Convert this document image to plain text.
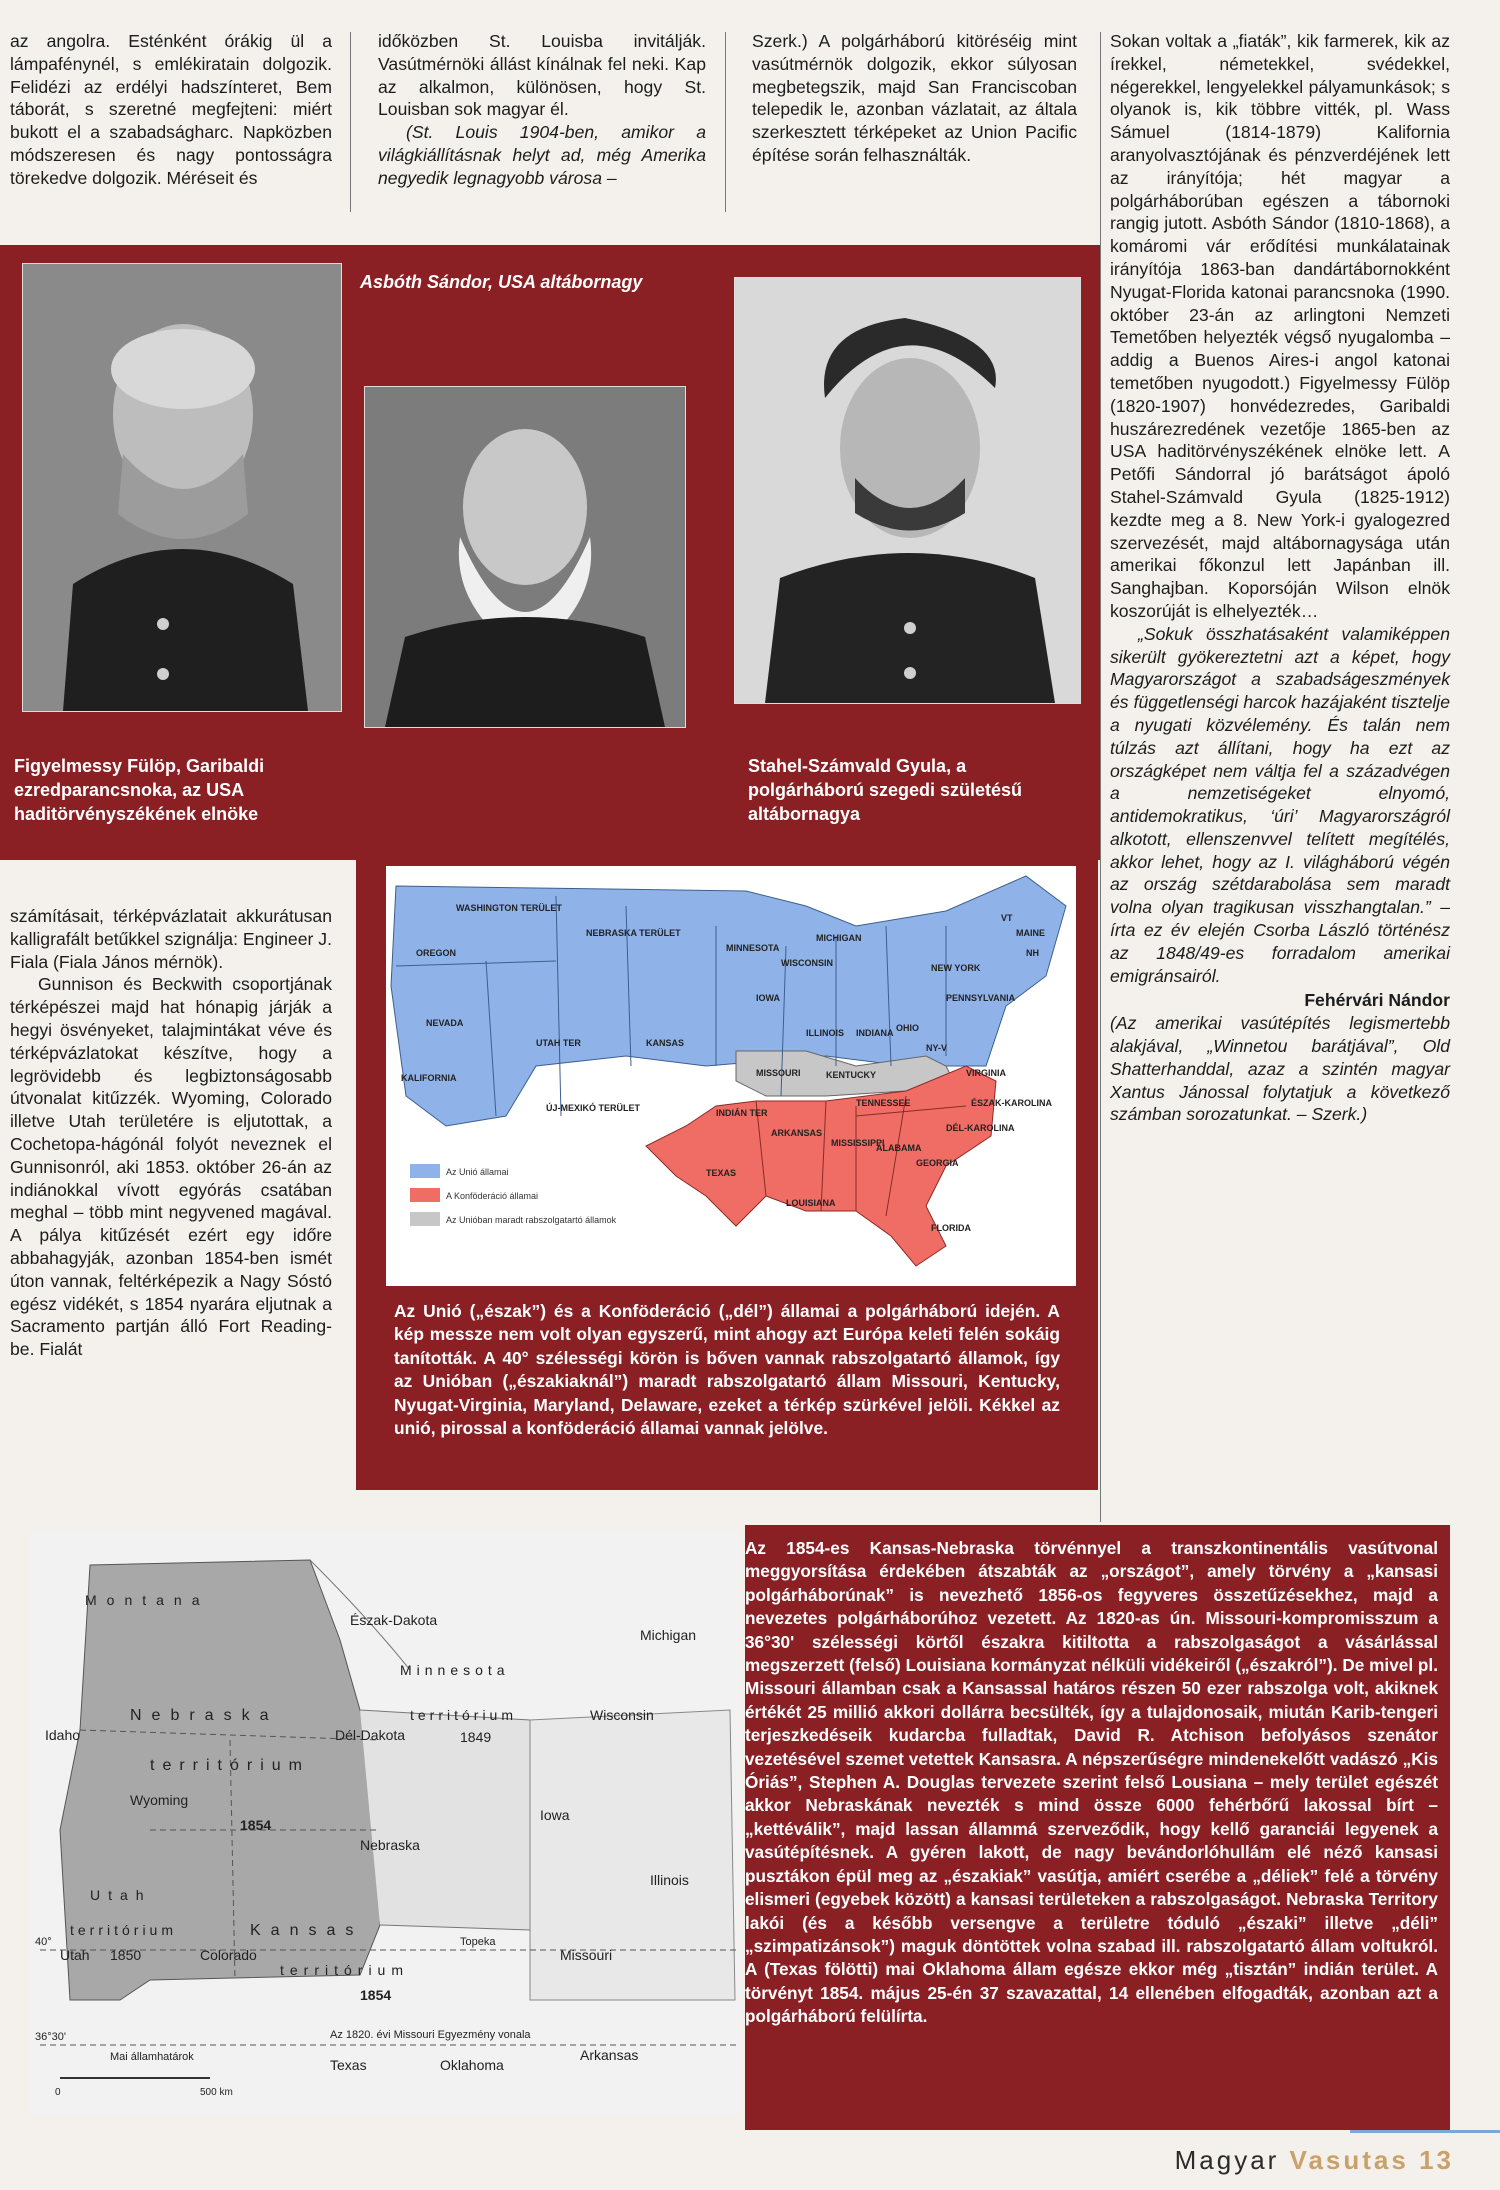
az angolra. Esténként órákig ül a lámpafénynél, s emlékiratain dolgozik. Felidézi az erdélyi hadszínteret, Bem táborát, s szeretné megfejteni: miért bukott el a szabadságharc. Napközben módszeresen és nagy pontosságra törekedve dolgozik. Méréseit és

időközben St. Louisba invitálják. Vasútmérnöki állást kínálnak fel neki. Kap az alkalmon, különösen, hogy St. Louisban sok magyar él.

(St. Louis 1904-ben, amikor a világkiállításnak helyt ad, még Amerika negyedik legnagyobb városa –

Szerk.) A polgárháború kitöréséig mint vasútmérnök dolgozik, ekkor súlyosan megbetegszik, majd San Franciscoban telepedik le, azonban vázlatait, az általa szerkesztett térképeket az Union Pacific építése során felhasználták.

Sokan voltak a „fiaták”, kik farmerek, kik az írekkel, németekkel, svédekkel, négerekkel, lengyelekkel pályamunkások; s olyanok is, kik többre vitték, pl. Wass Sámuel (1814-1879) Kalifornia aranyolvasztójának és pénzverdéjének lett az irányítója; hét magyar a polgárháborúban egészen a tábornoki rangig jutott. Asbóth Sándor (1810-1868), a komáromi vár erődítési munkálatainak irányítója 1863-ban dandártábornokként Nyugat-Florida katonai parancsnoka (1990. október 23-án az arlingtoni Nemzeti Temetőben helyezték végső nyugalomba – addig a Buenos Aires-i angol katonai temetőben nyugodott.) Figyelmessy Fülöp (1820-1907) honvédezredes, Garibaldi huszárezredének vezetője 1865-ben az USA haditörvényszékének elnöke lett. A Petőfi Sándorral jó barátságot ápoló Stahel-Számvald Gyula (1825-1912) kezdte meg a 8. New York-i gyalogezred szervezését, majd altábornagysága után amerikai főkonzul lett Japánban ill. Sanghajban. Koporsóján Wilson elnök koszorúját is elhelyezték…

„Sokuk összhatásaként valamiképpen sikerült gyökereztetni azt a képet, hogy Magyarországot a szabadságeszmények és függetlenségi harcok hazájaként tisztelje a nyugati közvélemény. És talán nem túlzás azt állítani, hogy ha ezt az országképet nem váltja fel a századvégen a nemzetiségeket elnyomó, antidemokratikus, ‘úri’ Magyarországról alkotott, ellenszenvvel telített megítélés, akkor lehet, hogy az I. világháború végén az ország szétdarabolása sem maradt volna olyan tragikusan visszhangtalan.” – írta ez év elején Csorba László történész az 1848/49-es forradalom amerikai emigránsairól.

Fehérvári Nándor

(Az amerikai vasútépítés legismertebb alakjával, „Winnetou barátjával”, Old Shatterhanddal, azaz a szintén magyar Xantus Jánossal folytatjuk a következő számban sorozatunkat. – Szerk.)

Asbóth Sándor, USA altábornagy
Figyelmessy Fülöp, Garibaldi ezredparancsnoka, az USA haditörvényszékének elnöke
Stahel-Számvald Gyula, a polgárháború szegedi születésű altábornagya

számításait, térképvázlatait akkurátusan kalligrafált betűkkel szignálja: Engineer J. Fiala (Fiala János mérnök).

Gunnison és Beckwith csoportjának térképészei majd hat hónapig járják a hegyi ösvényeket, talajmintákat véve és térképvázlatokat készítve, hogy a legrövidebb és legbiztonságosabb útvonalat kitűzzék. Wyoming, Colorado illetve Utah területére is eljutottak, a Cochetopa-hágónál folyót neveznek el Gunnisonról, aki 1853. október 26-án az indiánokkal vívott egyórás csatában meghal – több mint negyvened magával. A pálya kitűzését ezért egy időre abbahagyják, azonban 1854-ben ismét úton vannak, feltérképezik a Nagy Sóstó egész vidékét, s 1854 nyarára eljutnak a Sacramento partján álló Fort Reading-be. Fialát

Az Unió államai
A Konföderáció államai
Az Unióban maradt rabszolgatartó államok
WASHINGTON TERÜLET
OREGON
NEBRASKA TERÜLET
MINNESOTA
WISCONSIN
MICHIGAN
NEW YORK
MAINE
VT
NH
PENNSYLVANIA
OHIO
INDIANA
ILLINOIS
IOWA
NEVADA
UTAH TER	KANSAS
MISSOURI	KENTUCKY	VIRGINIA
ÉSZAK-KAROLINA
TENNESSEE
DÉL-KAROLINA
GEORGIA
ALABAMA
MISSISSIPPI
ARKANSAS
LOUISIANA
TEXAS
FLORIDA
KALIFORNIA
ÚJ-MEXIKÓ TERÜLET	INDIÁN TER
NY-V
Az Unió („észak”) és a Konföderáció („dél”) államai a polgárháború idején. A kép messze nem volt olyan egyszerű, mint ahogy azt Európa keleti felén sokáig tanították. A 40° szélességi körön is bőven vannak rabszolgatartó államok, így az Unióban („északiaknál”) maradt rabszolgatartó állam Missouri, Kentucky, Nyugat-Virginia, Maryland, Delaware, ezeket a térkép szürkével jelöli. Kékkel az unió, pirossal a konföderáció államai vannak jelölve.
Montana
Észak-Dakota
Minnesota
territórium
Michigan
Idaho
Nebraska
Dél-Dakota	1849
Wisconsin
territórium
Wyoming
1854
Iowa
Nebraska
Utah
territórium
Utah 1850
Kansas
Colorado
territórium
1854
Topeka
Illinois
Missouri
Az 1820. évi Missouri Egyezmény vonala
Texas	Oklahoma
Arkansas
Mai államhatárok
0	500 km
40°
36°30'
Az 1854-es Kansas-Nebraska törvénnyel a transzkontinentális vasútvonal meggyorsítása érdekében átszabták az „országot”, amely törvény a „kansasi polgárháborúnak” is nevezhető 1856-os fegyveres összetűzésekhez, majd a nevezetes polgárháborúhoz vezetett. Az 1820-as ún. Missouri-kompromisszum a 36°30' szélességi körtől északra kitiltotta a rabszolgaságot a vásárlással megszerzett (felső) Louisiana kormányzat nélküli vidékeiről („északról”). De mivel pl. Missouri államban csak a Kansassal határos részen 50 ezer rabszolga volt, akiknek értékét 25 millió akkori dollárra becsülték, így a tulajdonosaik, miután Karib-tengeri terjeszkedéseik kudarcba fulladtak, David R. Atchison befolyásos szenátor vezetésével szemet vetettek Kansasra. A népszerűségre mindenekelőtt vadászó „Kis Óriás”, Stephen A. Douglas tervezete szerint felső Lousiana – mely terület egészét akkor Nebraskának nevezték s mind össze 6000 fehérbőrű lakossal bírt – „kettéválik”, majd lassan állammá szerveződik, hogy kellő garanciái legyenek a vasútépítésnek. A gyéren lakott, de nagy bevándorlóhullám elé néző kansasi pusztákon épül meg az „északiak” vasútja, amiért cserébe a „déliek” felé a törvény elismeri (egyebek között) a kansasi területeken a rabszolgaságot. Nebraska Territory lakói (és a később versengve a területre tóduló „északi” illetve „déli” „szimpatizánsok”) maguk döntöttek volna szabad ill. rabszolgatartó állam voltukról. A (Texas fölötti) mai Oklahoma állam egésze ekkor még „tisztán” indián terület. A törvényt 1854. május 25-én 37 szavazattal, 14 ellenében elfogadták, azonban azt a polgárháború felülírta.
Magyar Vasutas 13
